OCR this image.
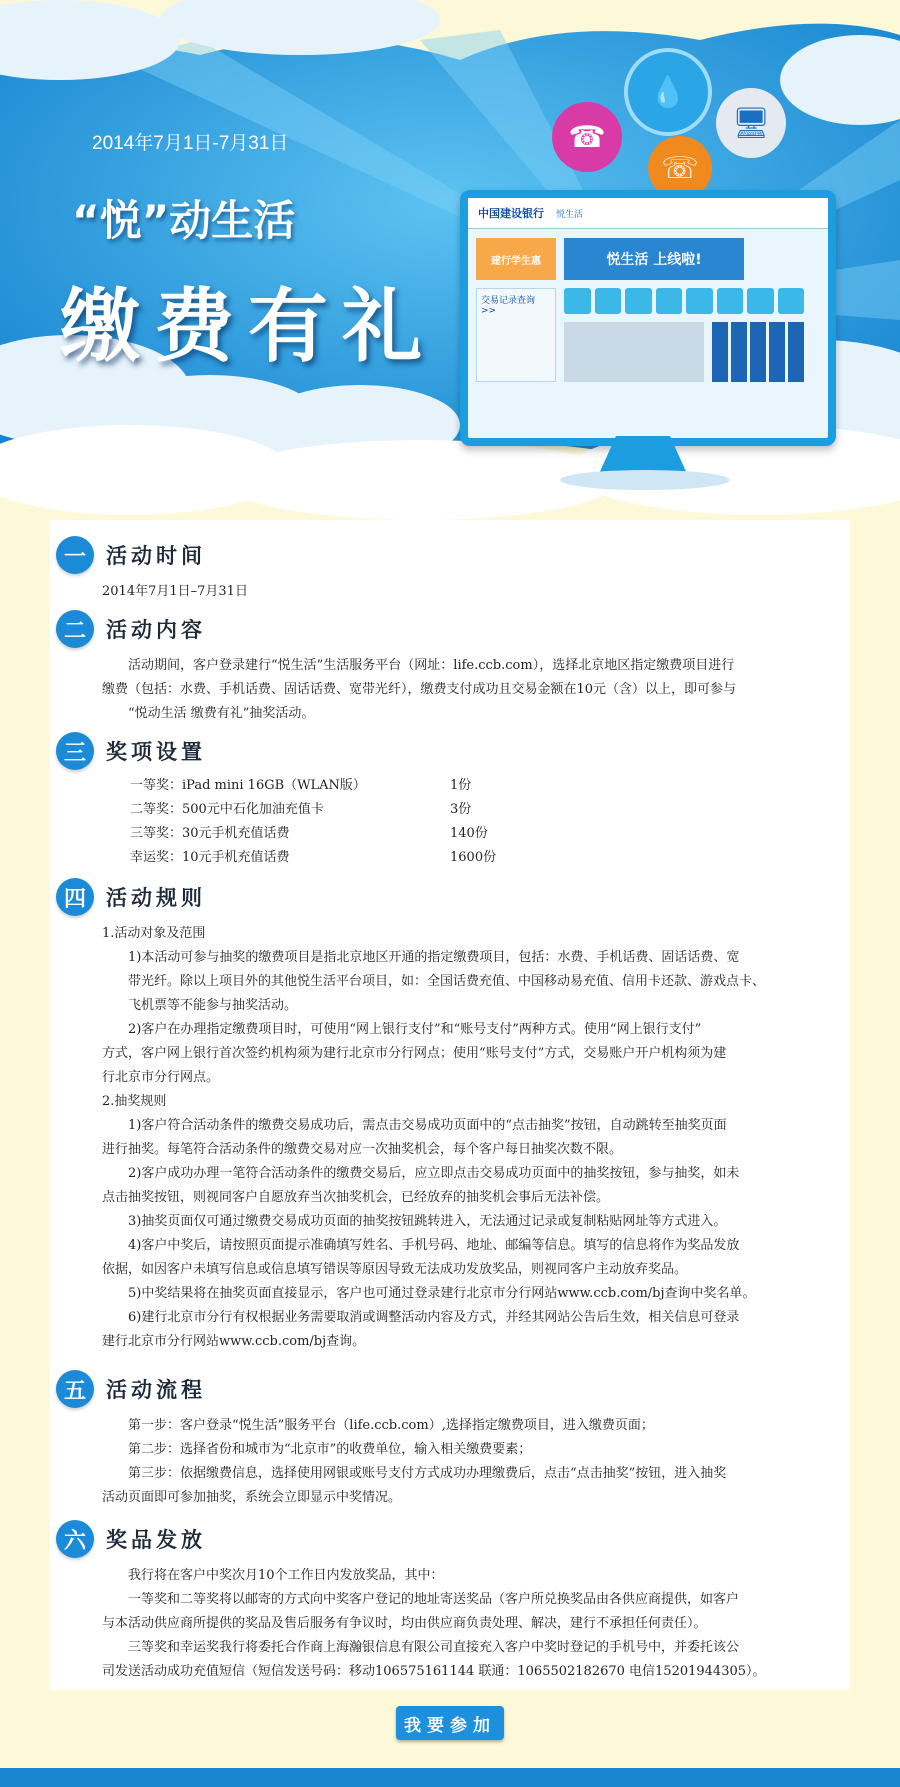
2014年7月1日-7月31日
“悦”动生活
缴费有礼
☎
💧
☏
🖥
中国建设银行 悦生活
建行学生惠	悦生活 上线啦!
交易记录查询 >>
一 活动时间
2014年7月1日–7月31日
二 活动内容
活动期间，客户登录建行“悦生活”生活服务平台（网址：life.ccb.com），选择北京地区指定缴费项目进行
缴费（包括：水费、手机话费、固话话费、宽带光纤），缴费支付成功且交易金额在10元（含）以上，即可参与
“悦动生活 缴费有礼”抽奖活动。
三 奖项设置
一等奖：iPad mini 16GB（WLAN版）	1份
二等奖：500元中石化加油充值卡	3份
三等奖：30元手机充值话费	140份
幸运奖：10元手机充值话费	1600份
四 活动规则
1.活动对象及范围
1)本活动可参与抽奖的缴费项目是指北京地区开通的指定缴费项目，包括：水费、手机话费、固话话费、宽
带光纤。除以上项目外的其他悦生活平台项目，如：全国话费充值、中国移动易充值、信用卡还款、游戏点卡、
飞机票等不能参与抽奖活动。
2)客户在办理指定缴费项目时，可使用“网上银行支付”和“账号支付”两种方式。使用“网上银行支付”
方式，客户网上银行首次签约机构须为建行北京市分行网点；使用“账号支付”方式，交易账户开户机构须为建
行北京市分行网点。
2.抽奖规则
1)客户符合活动条件的缴费交易成功后，需点击交易成功页面中的“点击抽奖”按钮，自动跳转至抽奖页面
进行抽奖。每笔符合活动条件的缴费交易对应一次抽奖机会，每个客户每日抽奖次数不限。
2)客户成功办理一笔符合活动条件的缴费交易后，应立即点击交易成功页面中的抽奖按钮，参与抽奖，如未
点击抽奖按钮，则视同客户自愿放弃当次抽奖机会，已经放弃的抽奖机会事后无法补偿。
3)抽奖页面仅可通过缴费交易成功页面的抽奖按钮跳转进入，无法通过记录或复制粘贴网址等方式进入。
4)客户中奖后，请按照页面提示准确填写姓名、手机号码、地址、邮编等信息。填写的信息将作为奖品发放
依据，如因客户未填写信息或信息填写错误等原因导致无法成功发放奖品，则视同客户主动放弃奖品。
5)中奖结果将在抽奖页面直接显示，客户也可通过登录建行北京市分行网站www.ccb.com/bj查询中奖名单。
6)建行北京市分行有权根据业务需要取消或调整活动内容及方式，并经其网站公告后生效，相关信息可登录
建行北京市分行网站www.ccb.com/bj查询。
五 活动流程
第一步：客户登录“悦生活”服务平台（life.ccb.com）,选择指定缴费项目，进入缴费页面；
第二步：选择省份和城市为“北京市”的收费单位，输入相关缴费要素；
第三步：依据缴费信息，选择使用网银或账号支付方式成功办理缴费后，点击“点击抽奖”按钮，进入抽奖
活动页面即可参加抽奖，系统会立即显示中奖情况。
六 奖品发放
我行将在客户中奖次月10个工作日内发放奖品，其中：
一等奖和二等奖将以邮寄的方式向中奖客户登记的地址寄送奖品（客户所兑换奖品由各供应商提供，如客户
与本活动供应商所提供的奖品及售后服务有争议时，均由供应商负责处理、解决，建行不承担任何责任）。
三等奖和幸运奖我行将委托合作商上海瀚银信息有限公司直接充入客户中奖时登记的手机号中，并委托该公
司发送活动成功充值短信（短信发送号码：移动106575161144 联通：1065502182670 电信15201944305）。
我要参加
